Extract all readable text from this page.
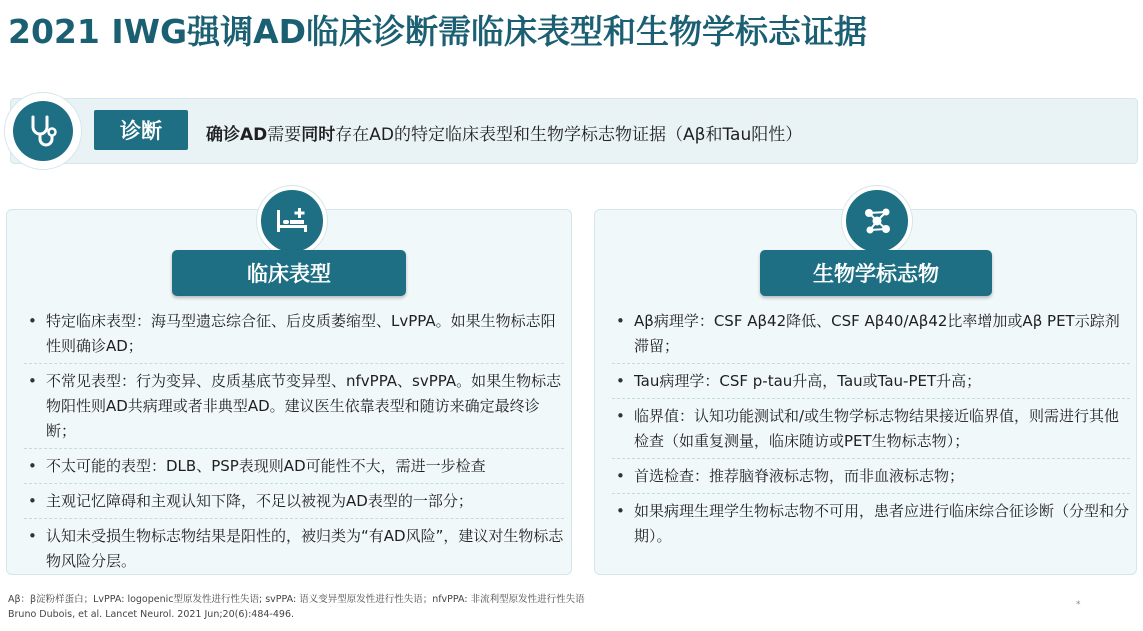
2021 IWG强调AD临床诊断需临床表型和生物学标志证据
诊断	确诊AD需要同时存在AD的特定临床表型和生物学标志物证据（Aβ和Tau阳性）
临床表型
• 特定临床表型：海马型遗忘综合征、后皮质萎缩型、LvPPA。如果生物标志阳性则确诊AD；
• 不常见表型：行为变异、皮质基底节变异型、nfvPPA、svPPA。如果生物标志物阳性则AD共病理或者非典型AD。建议医生依靠表型和随访来确定最终诊断；
• 不太可能的表型：DLB、PSP表现则AD可能性不大，需进一步检查
• 主观记忆障碍和主观认知下降，不足以被视为AD表型的一部分；
• 认知未受损生物标志物结果是阳性的，被归类为“有AD风险”，建议对生物标志物风险分层。
生物学标志物
• Aβ病理学：CSF Aβ42降低、CSF Aβ40/Aβ42比率增加或Aβ PET示踪剂滞留；
• Tau病理学：CSF p-tau升高，Tau或Tau-PET升高；
• 临界值：认知功能测试和/或生物学标志物结果接近临界值，则需进行其他检查（如重复测量，临床随访或PET生物标志物）；
• 首选检查：推荐脑脊液标志物，而非血液标志物；
• 如果病理生理学生物标志物不可用，患者应进行临床综合征诊断（分型和分期）。
Aβ：β淀粉样蛋白；LvPPA: logopenic型原发性进行性失语; svPPA: 语义变异型原发性进行性失语；nfvPPA: 非流利型原发性进行性失语
Bruno Dubois, et al. Lancet Neurol. 2021 Jun;20(6):484-496.
*
